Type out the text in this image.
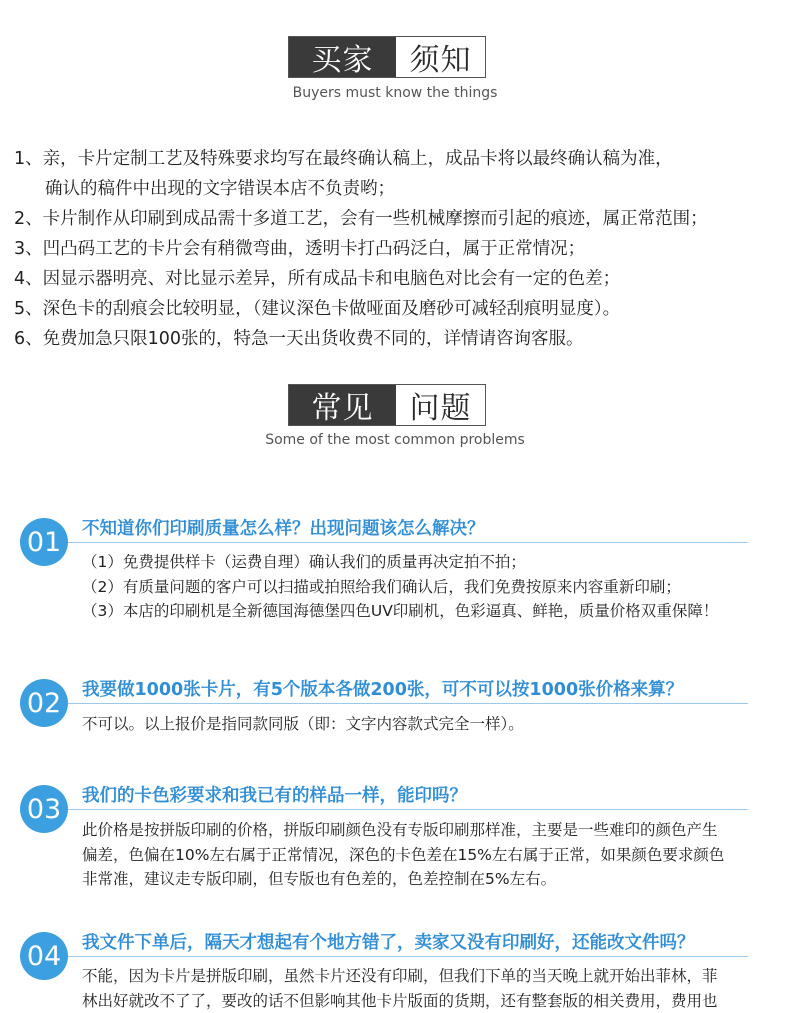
买家	须知
Buyers must know the things
1、亲，卡片定制工艺及特殊要求均写在最终确认稿上，成品卡将以最终确认稿为准，
确认的稿件中出现的文字错误本店不负责哟；
2、卡片制作从印刷到成品需十多道工艺，会有一些机械摩擦而引起的痕迹，属正常范围；
3、凹凸码工艺的卡片会有稍微弯曲，透明卡打凸码泛白，属于正常情况；
4、因显示器明亮、对比显示差异，所有成品卡和电脑色对比会有一定的色差；
5、深色卡的刮痕会比较明显，（建议深色卡做哑面及磨砂可减轻刮痕明显度）。
6、免费加急只限100张的，特急一天出货收费不同的，详情请咨询客服。
常见	问题
Some of the most common problems
01	不知道你们印刷质量怎么样？出现问题该怎么解决？
（1）免费提供样卡（运费自理）确认我们的质量再决定拍不拍；
（2）有质量问题的客户可以扫描或拍照给我们确认后，我们免费按原来内容重新印刷；
（3）本店的印刷机是全新德国海德堡四色UV印刷机，色彩逼真、鲜艳，质量价格双重保障！
02	我要做1000张卡片，有5个版本各做200张，可不可以按1000张价格来算？
不可以。以上报价是指同款同版（即：文字内容款式完全一样）。
03	我们的卡色彩要求和我已有的样品一样，能印吗？
此价格是按拼版印刷的价格，拼版印刷颜色没有专版印刷那样准，主要是一些难印的颜色产生
偏差，色偏在10%左右属于正常情况，深色的卡色差在15%左右属于正常，如果颜色要求颜色
非常准，建议走专版印刷，但专版也有色差的，色差控制在5%左右。
04	我文件下单后，隔天才想起有个地方错了，卖家又没有印刷好，还能改文件吗？
不能，因为卡片是拼版印刷，虽然卡片还没有印刷，但我们下单的当天晚上就开始出菲林，菲
林出好就改不了了，要改的话不但影响其他卡片版面的货期，还有整套版的相关费用，费用也
